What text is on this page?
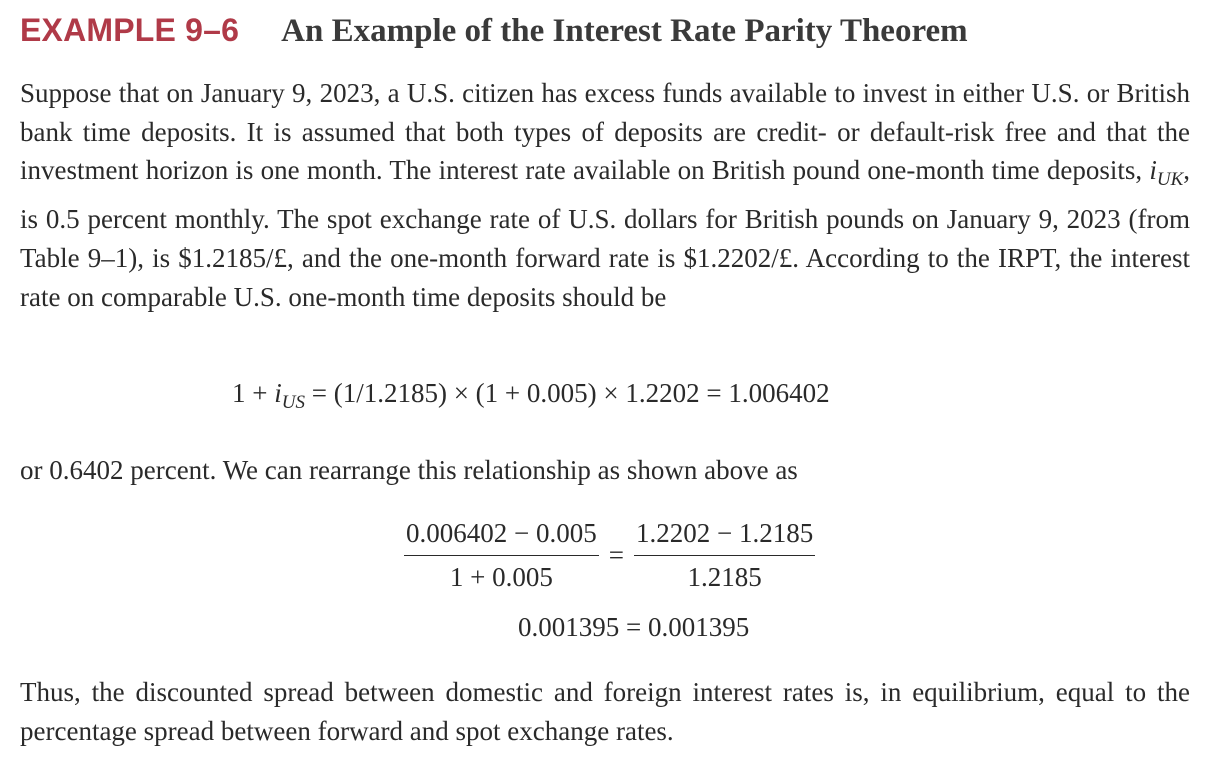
EXAMPLE 9–6 An Example of the Interest Rate Parity Theorem

Suppose that on January 9, 2023, a U.S. citizen has excess funds available to invest in either U.S. or British bank time deposits. It is assumed that both types of deposits are credit- or default-risk free and that the investment horizon is one month. The interest rate available on British pound one-month time deposits, $i_{UK}$, is 0.5 percent monthly. The spot exchange rate of U.S. dollars for British pounds on January 9, 2023 (from Table 9–1), is $1.2185/£, and the one-month forward rate is $1.2202/£. According to the IRPT, the interest rate on comparable U.S. one-month time deposits should be

$1 + i_{US} = (1/1.2185) \times (1 + 0.005) \times 1.2202 = 1.006402$

or 0.6402 percent. We can rearrange this relationship as shown above as

$\frac{0.006402 - 0.005}{1 + 0.005} = \frac{1.2202 - 1.2185}{1.2185}$
0.001395 = 0.001395

Thus, the discounted spread between domestic and foreign interest rates is, in equilibrium, equal to the percentage spread between forward and spot exchange rates.
